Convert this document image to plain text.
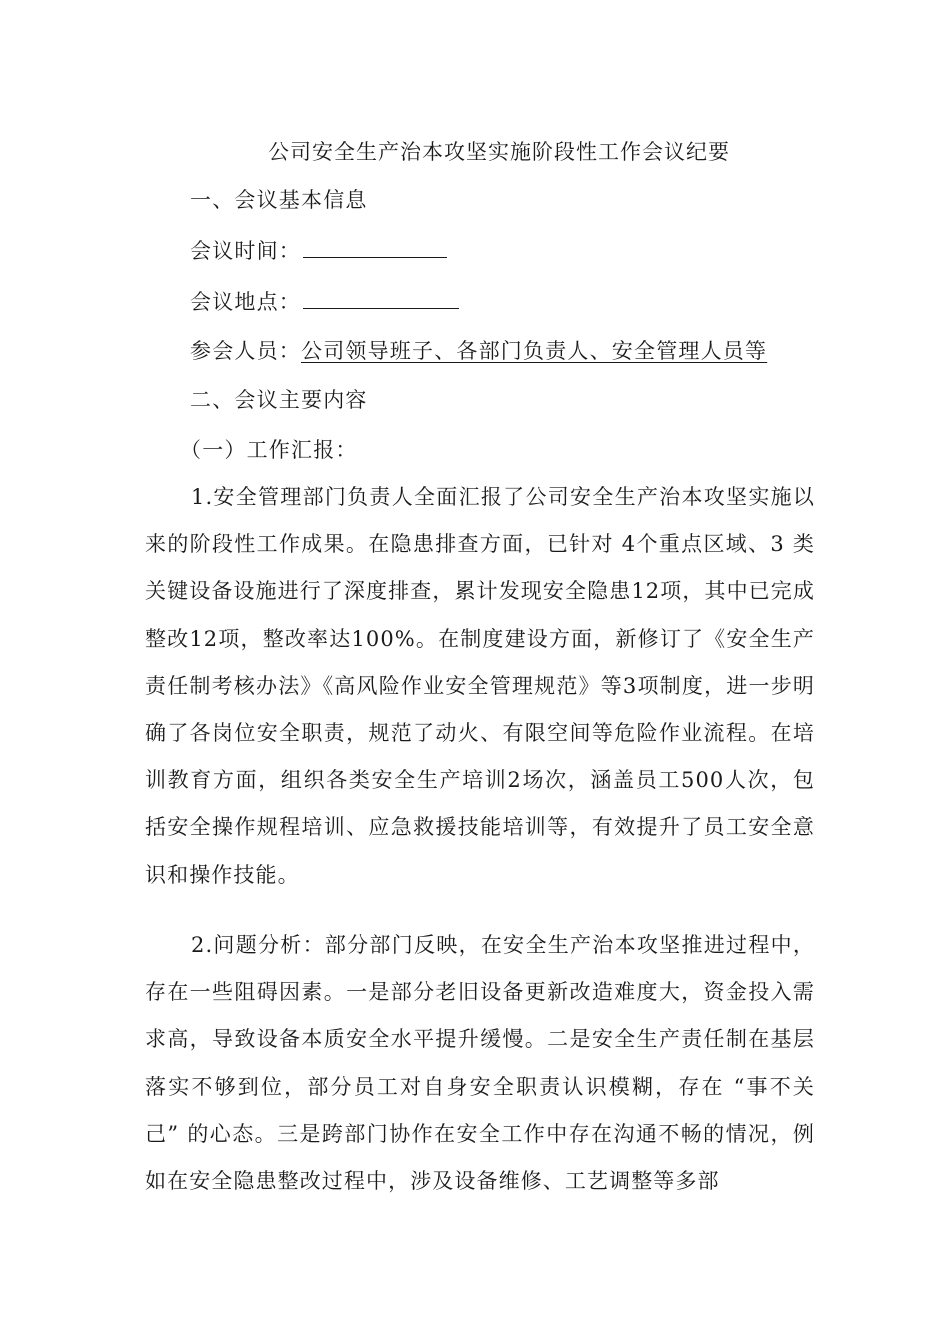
公司安全生产治本攻坚实施阶段性工作会议纪要
一、会议基本信息
会议时间：
会议地点：
参会人员：公司领导班子、各部门负责人、安全管理人员等
二、会议主要内容
（一）工作汇报：

1.安全管理部门负责人全面汇报了公司安全生产治本攻坚实施以来的阶段性工作成果。在隐患排查方面，已针对 4个重点区域、3 类关键设备设施进行了深度排查，累计发现安全隐患12项，其中已完成整改12项，整改率达100%。在制度建设方面，新修订了《安全生产责任制考核办法》《高风险作业安全管理规范》等3项制度，进一步明确了各岗位安全职责，规范了动火、有限空间等危险作业流程。在培训教育方面，组织各类安全生产培训2场次，涵盖员工500人次，包括安全操作规程培训、应急救援技能培训等，有效提升了员工安全意识和操作技能。

2.问题分析：部分部门反映，在安全生产治本攻坚推进过程中，存在一些阻碍因素。一是部分老旧设备更新改造难度大，资金投入需求高，导致设备本质安全水平提升缓慢。二是安全生产责任制在基层落实不够到位，部分员工对自身安全职责认识模糊，存在 “事不关己” 的心态。三是跨部门协作在安全工作中存在沟通不畅的情况，例如在安全隐患整改过程中，涉及设备维修、工艺调整等多部
